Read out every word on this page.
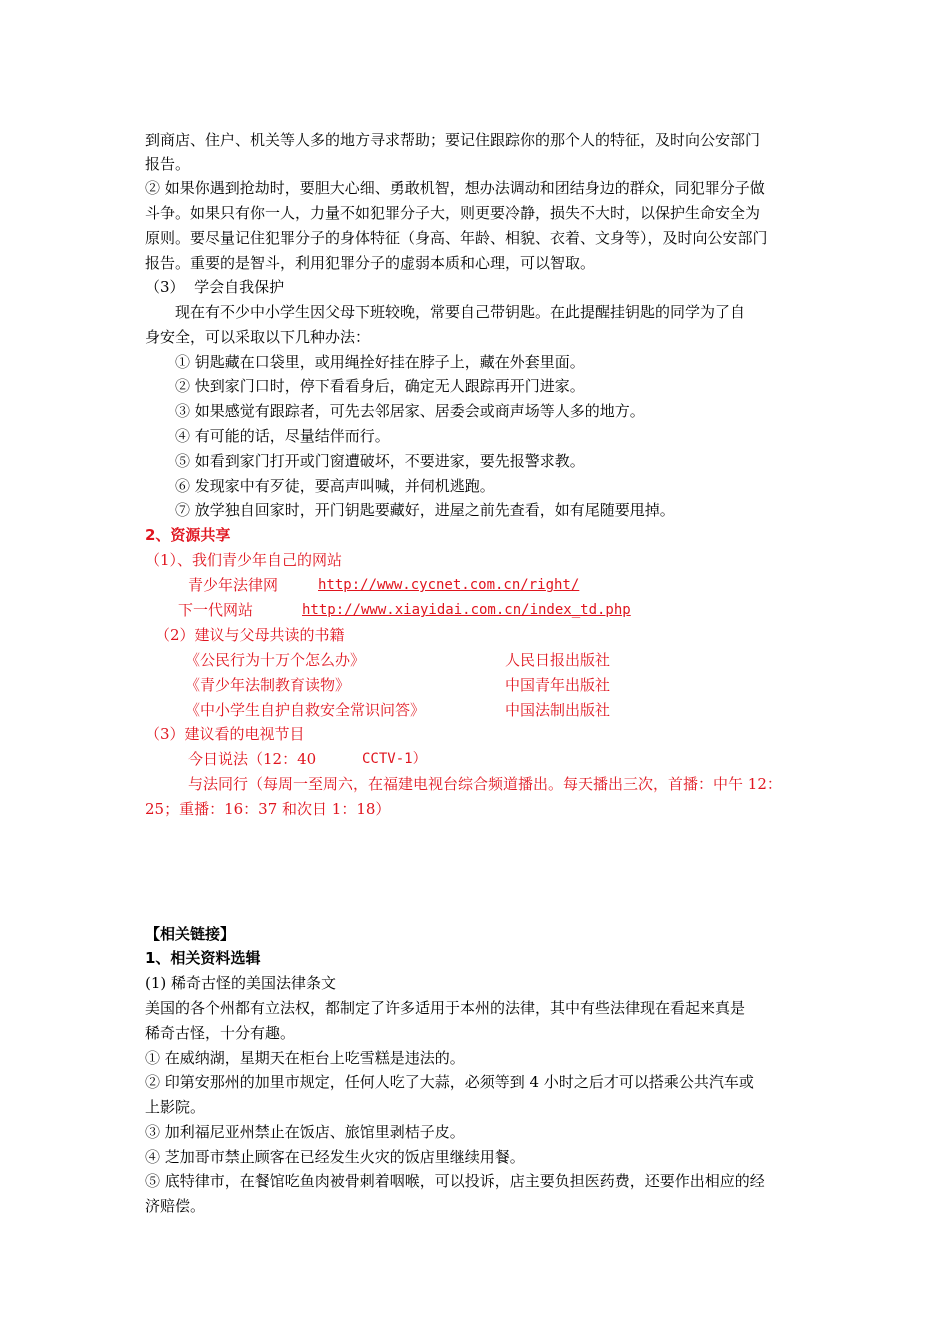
到商店、住户、机关等人多的地方寻求帮助；要记住跟踪你的那个人的特征，及时向公安部门
报告。
② 如果你遇到抢劫时，要胆大心细、勇敢机智，想办法调动和团结身边的群众，同犯罪分子做
斗争。如果只有你一人，力量不如犯罪分子大，则更要冷静，损失不大时，以保护生命安全为
原则。要尽量记住犯罪分子的身体特征（身高、年龄、相貌、衣着、文身等），及时向公安部门
报告。重要的是智斗，利用犯罪分子的虚弱本质和心理，可以智取。
（3）  学会自我保护
现在有不少中小学生因父母下班较晚，常要自己带钥匙。在此提醒挂钥匙的同学为了自
身安全，可以采取以下几种办法：
① 钥匙藏在口袋里，或用绳拴好挂在脖子上，藏在外套里面。
② 快到家门口时，停下看看身后，确定无人跟踪再开门进家。
③ 如果感觉有跟踪者，可先去邻居家、居委会或商声场等人多的地方。
④ 有可能的话，尽量结伴而行。
⑤ 如看到家门打开或门窗遭破坏，不要进家，要先报警求教。
⑥ 发现家中有歹徒，要高声叫喊，并伺机逃跑。
⑦ 放学独自回家时，开门钥匙要藏好，进屋之前先查看，如有尾随要甩掉。
2、资源共享
（1）、我们青少年自己的网站
青少年法律网	http://www.cycnet.com.cn/right/
下一代网站	http://www.xiayidai.com.cn/index_td.php
（2）建议与父母共读的书籍
《公民行为十万个怎么办》	人民日报出版社
《青少年法制教育读物》	中国青年出版社
《中小学生自护自救安全常识问答》	中国法制出版社
（3）建议看的电视节目
今日说法（12：40	CCTV-1）
与法同行（每周一至周六，在福建电视台综合频道播出。每天播出三次，首播：中午 12：
25；重播：16：37 和次日 1：18）
【相关链接】
1、相关资料选辑
(1) 稀奇古怪的美国法律条文
美国的各个州都有立法权，都制定了许多适用于本州的法律，其中有些法律现在看起来真是
稀奇古怪，十分有趣。
① 在威纳湖，星期天在柜台上吃雪糕是违法的。
② 印第安那州的加里市规定，任何人吃了大蒜，必须等到 4 小时之后才可以搭乘公共汽车或
上影院。
③ 加利福尼亚州禁止在饭店、旅馆里剥桔子皮。
④ 芝加哥市禁止顾客在已经发生火灾的饭店里继续用餐。
⑤ 底特律市，在餐馆吃鱼肉被骨刺着咽喉，可以投诉，店主要负担医药费，还要作出相应的经
济赔偿。
